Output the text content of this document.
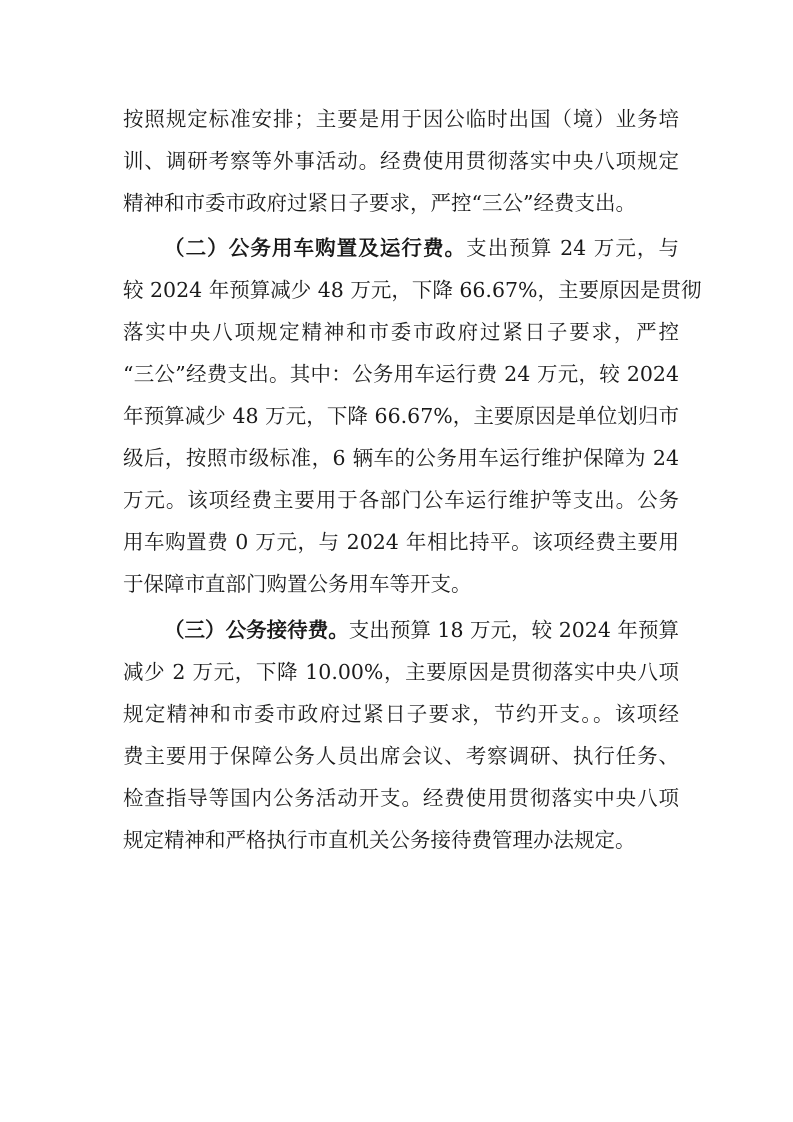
按照规定标准安排；主要是用于因公临时出国（境）业务培
训、调研考察等外事活动。经费使用贯彻落实中央八项规定
精神和市委市政府过紧日子要求，严控“三公”经费支出。
（二）公务用车购置及运行费。支出预算 24 万元，与
较 2024 年预算减少 48 万元，下降 66.67%，主要原因是贯彻
落实中央八项规定精神和市委市政府过紧日子要求，严控
“三公”经费支出。其中：公务用车运行费 24 万元，较 2024
年预算减少 48 万元，下降 66.67%，主要原因是单位划归市
级后，按照市级标准，6 辆车的公务用车运行维护保障为 24
万元。该项经费主要用于各部门公车运行维护等支出。公务
用车购置费 0 万元，与 2024 年相比持平。该项经费主要用
于保障市直部门购置公务用车等开支。
（三）公务接待费。支出预算 18 万元，较 2024 年预算
减少 2 万元，下降 10.00%，主要原因是贯彻落实中央八项
规定精神和市委市政府过紧日子要求，节约开支。。该项经
费主要用于保障公务人员出席会议、考察调研、执行任务、
检查指导等国内公务活动开支。经费使用贯彻落实中央八项
规定精神和严格执行市直机关公务接待费管理办法规定。
